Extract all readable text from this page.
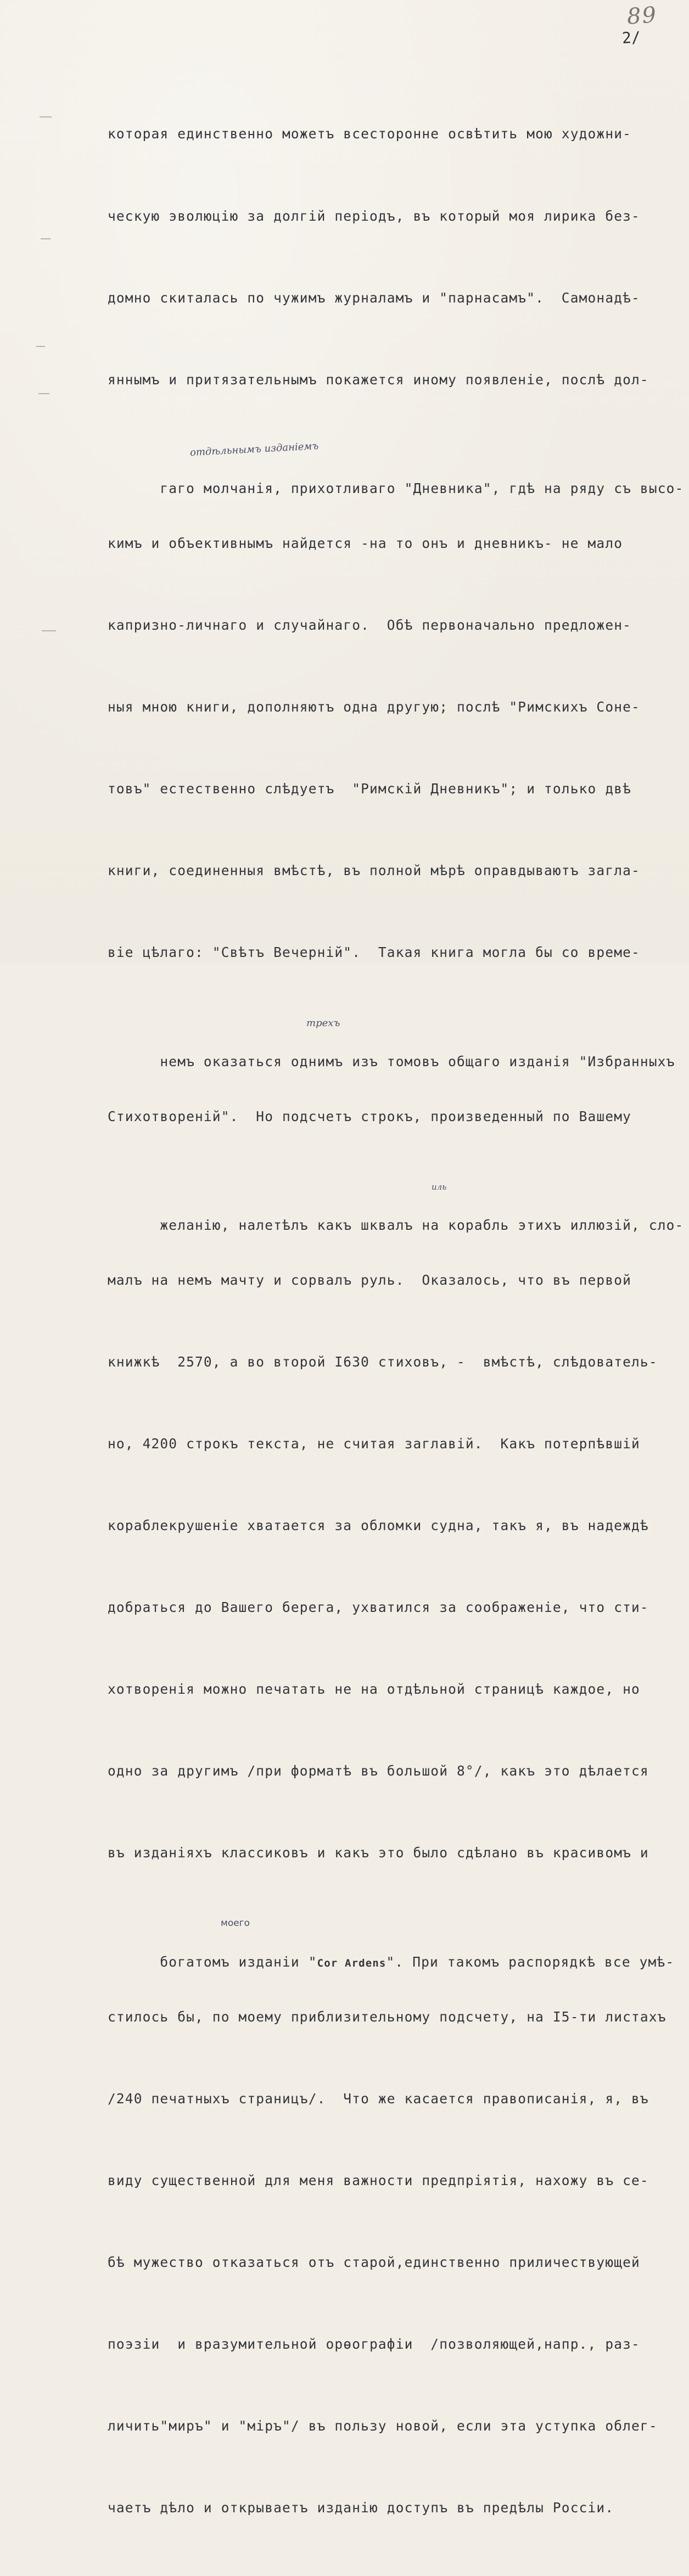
89
2/

которая единственно можетъ всесторонне освѣтить мою художни-

ческую эволюцію за долгій періодъ, въ который моя лирика без-

домно скиталась по чужимъ журналамъ и "парнасамъ".  Самонадѣ-

яннымъ и притязательнымъ покажется иному появленіе, послѣ дол-

гаго молчанія, прихотливаго "Дневника", гдѣ на ряду съ высо-

отдѣльнымъ изданіемъ

кимъ и объективнымъ найдется -на то онъ и дневникъ- не мало

капризно-личнаго и случайнаго.  Обѣ первоначально предложен-

ныя мною книги, дополняютъ одна другую; послѣ "Римскихъ Соне-

товъ" естественно слѣдуетъ  "Римскій Дневникъ"; и только двѣ

книги, соединенныя вмѣстѣ, въ полной мѣрѣ оправдываютъ загла-

віе цѣлаго: "Свѣтъ Вечерній".  Такая книга могла бы со време-

немъ оказаться однимъ изъ томовъ общаго изданія "Избранныхъ

трехъ

Стихотвореній".  Но подсчетъ строкъ, произведенный по Вашему

желанію, налетѣлъ какъ шквалъ на корабль этихъ иллюзій, сло-

иль

малъ на немъ мачту и сорвалъ руль.  Оказалось, что въ первой

книжкѣ  2570, а во второй I630 стиховъ, -  вмѣстѣ, слѣдователь-

но, 4200 строкъ текста, не считая заглавій.  Какъ потерпѣвшій

кораблекрушеніе хватается за обломки судна, такъ я, въ надеждѣ

добраться до Вашего берега, ухватился за соображеніе, что сти-

хотворенія можно печатать не на отдѣльной страницѣ каждое, но

одно за другимъ /при форматѣ въ большой 8°/, какъ это дѣлается

въ изданіяхъ классиковъ и какъ это было сдѣлано въ красивомъ и

богатомъ изданіи "Cor Ardens". При такомъ распорядкѣ все умѣ-

моего

стилось бы, по моему приблизительному подсчету, на I5-ти листахъ

/240 печатныхъ страницъ/.  Что же касается правописанія, я, въ

виду существенной для меня важности предпріятія, нахожу въ се-

бѣ мужество отказаться отъ старой,единственно приличествующей

поэзіи  и вразумительной орѳографіи  /позволяющей,напр., раз-

личить"миръ" и "міръ"/ въ пользу новой, если эта уступка облег-

чаетъ дѣло и открываетъ изданію доступъ въ предѣлы Россіи.
